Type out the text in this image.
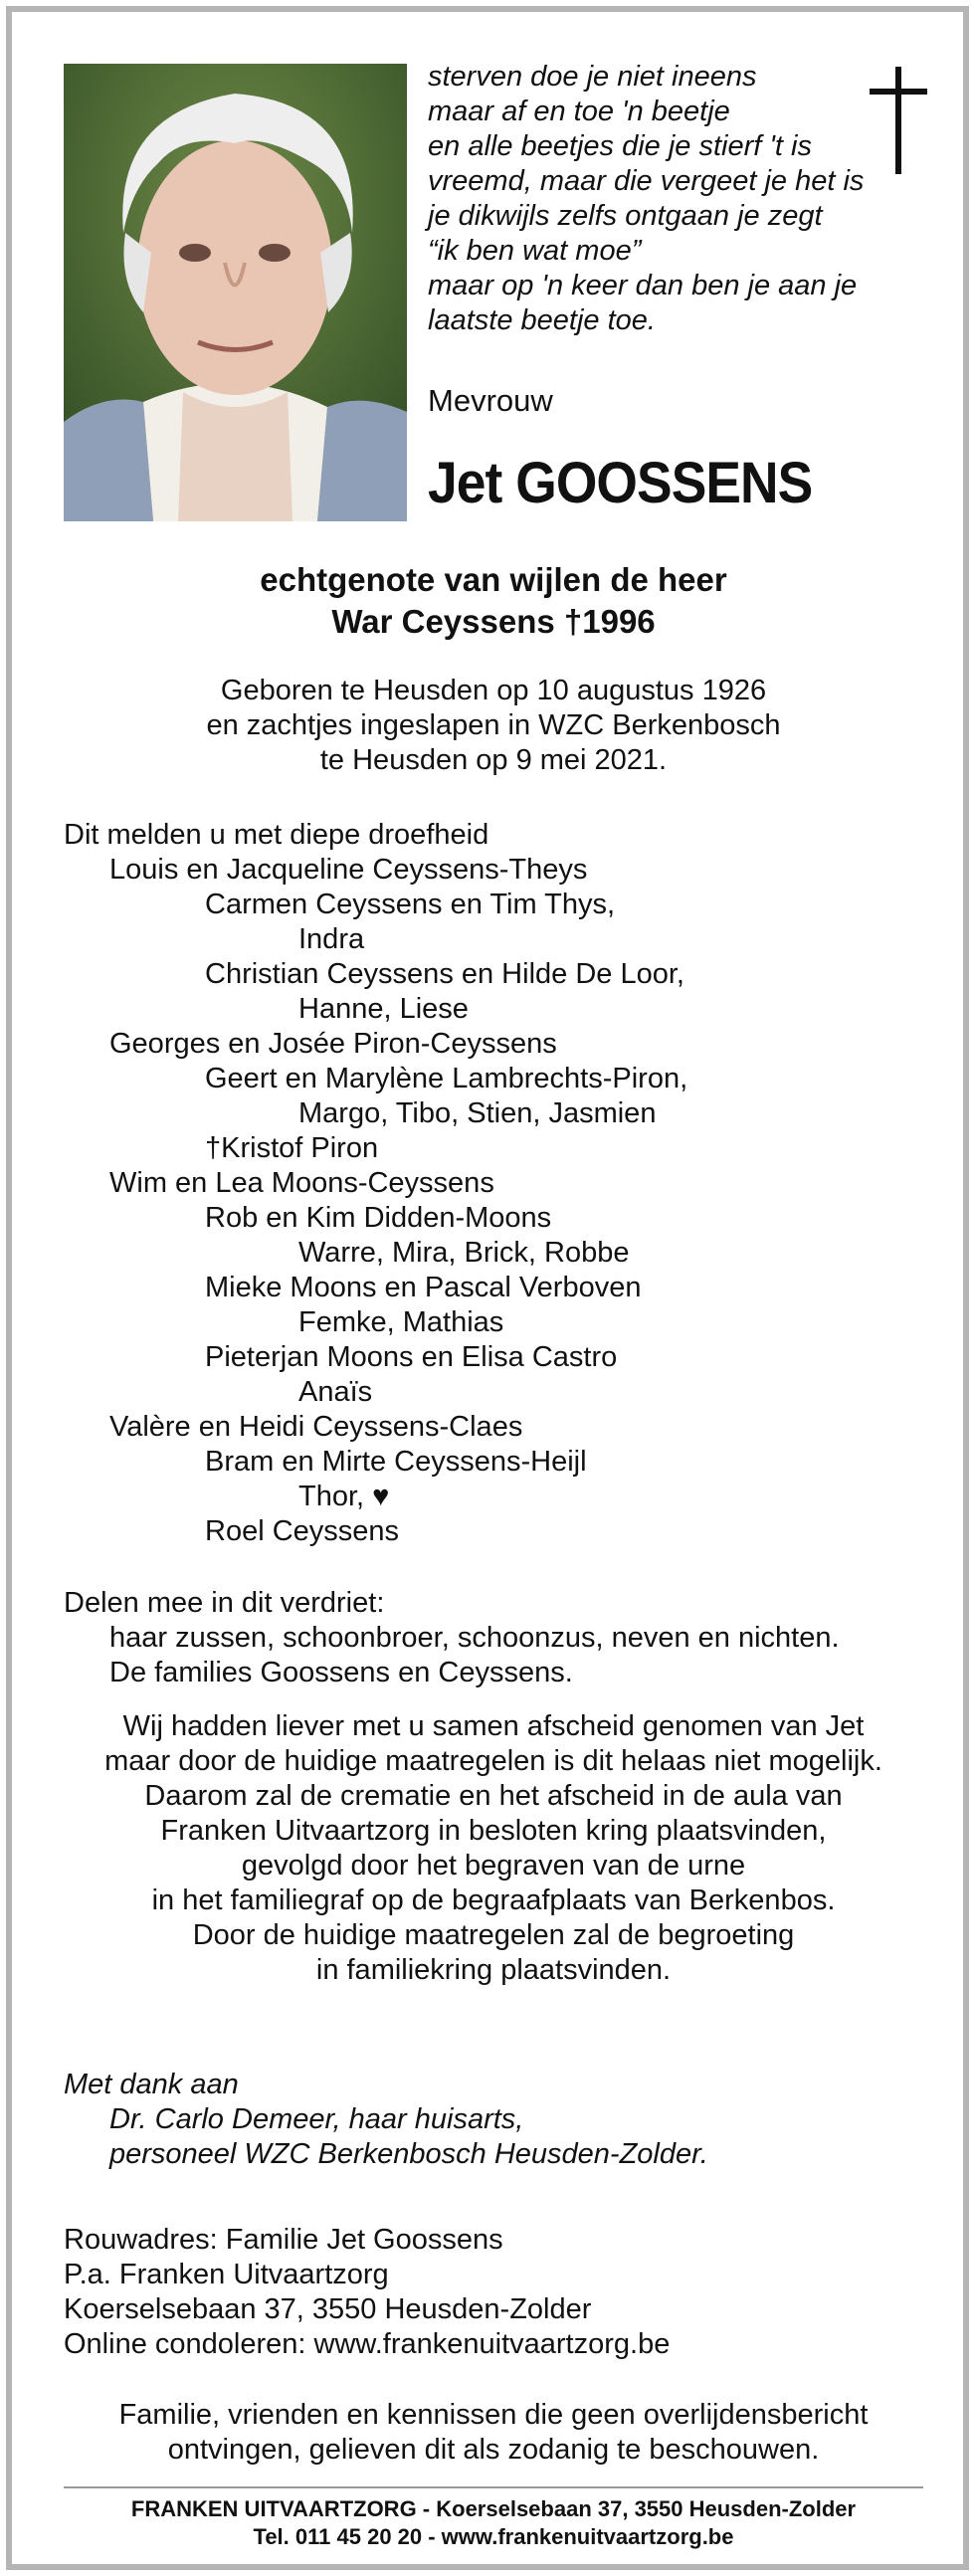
sterven doe je niet ineens
maar af en toe 'n beetje
en alle beetjes die je stierf 't is
vreemd, maar die vergeet je het is
je dikwijls zelfs ontgaan je zegt
“ik ben wat moe”
maar op 'n keer dan ben je aan je
laatste beetje toe.
Mevrouw
Jet GOOSSENS
echtgenote van wijlen de heer
War Ceyssens †1996
Geboren te Heusden op 10 augustus 1926
en zachtjes ingeslapen in WZC Berkenbosch
te Heusden op 9 mei 2021.
Dit melden u met diepe droefheid
Louis en Jacqueline Ceyssens-Theys
Carmen Ceyssens en Tim Thys,
Indra
Christian Ceyssens en Hilde De Loor,
Hanne, Liese
Georges en Josée Piron-Ceyssens
Geert en Marylène Lambrechts-Piron,
Margo, Tibo, Stien, Jasmien
†Kristof Piron
Wim en Lea Moons-Ceyssens
Rob en Kim Didden-Moons
Warre, Mira, Brick, Robbe
Mieke Moons en Pascal Verboven
Femke, Mathias
Pieterjan Moons en Elisa Castro
Anaïs
Valère en Heidi Ceyssens-Claes
Bram en Mirte Ceyssens-Heijl
Thor, ♥
Roel Ceyssens
Delen mee in dit verdriet:
haar zussen, schoonbroer, schoonzus, neven en nichten.
De families Goossens en Ceyssens.
Wij hadden liever met u samen afscheid genomen van Jet
maar door de huidige maatregelen is dit helaas niet mogelijk.
Daarom zal de crematie en het afscheid in de aula van
Franken Uitvaartzorg in besloten kring plaatsvinden,
gevolgd door het begraven van de urne
in het familiegraf op de begraafplaats van Berkenbos.
Door de huidige maatregelen zal de begroeting
in familiekring plaatsvinden.
Met dank aan
Dr. Carlo Demeer, haar huisarts,
personeel WZC Berkenbosch Heusden-Zolder.
Rouwadres: Familie Jet Goossens
P.a. Franken Uitvaartzorg
Koerselsebaan 37, 3550 Heusden-Zolder
Online condoleren: www.frankenuitvaartzorg.be
Familie, vrienden en kennissen die geen overlijdensbericht
ontvingen, gelieven dit als zodanig te beschouwen.
FRANKEN UITVAARTZORG - Koerselsebaan 37, 3550 Heusden-Zolder
Tel. 011 45 20 20 - www.frankenuitvaartzorg.be
